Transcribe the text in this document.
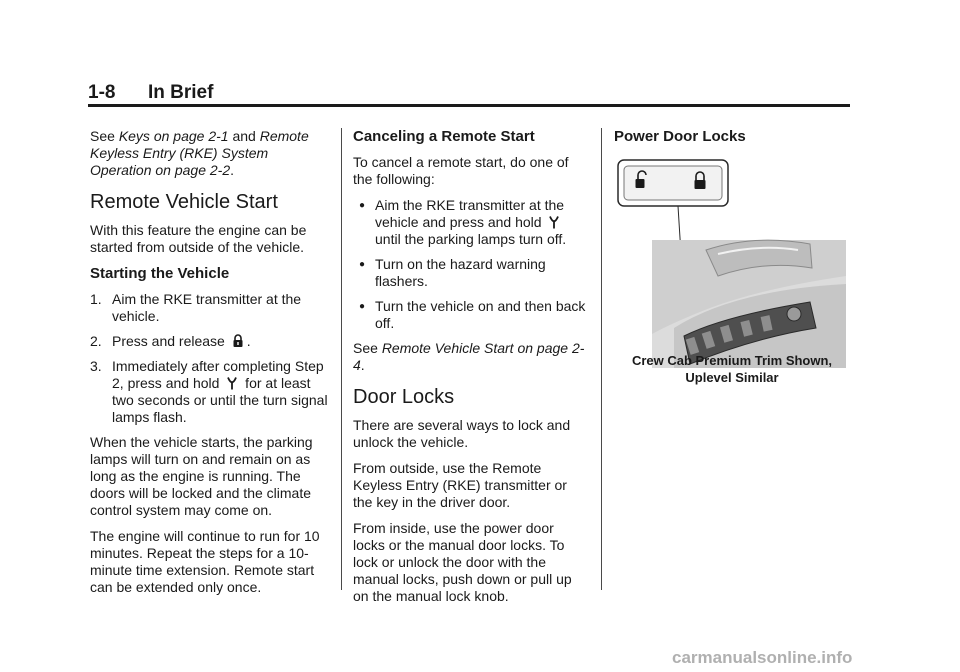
1-8 In Brief

See Keys on page 2-1 and Remote Keyless Entry (RKE) System Operation on page 2-2.

Remote Vehicle Start

With this feature the engine can be started from outside of the vehicle.

Starting the Vehicle
1. Aim the RKE transmitter at the vehicle.
2. Press and release .
3. Immediately after completing Step 2, press and hold  for at least two seconds or until the turn signal lamps flash.

When the vehicle starts, the parking lamps will turn on and remain on as long as the engine is running. The doors will be locked and the climate control system may come on.

The engine will continue to run for 10 minutes. Repeat the steps for a 10-minute time extension. Remote start can be extended only once.

Canceling a Remote Start

To cancel a remote start, do one of the following:

● Aim the RKE transmitter at the vehicle and press and hold  until the parking lamps turn off.
● Turn on the hazard warning flashers.
● Turn the vehicle on and then back off.

See Remote Vehicle Start on page 2-4.

Door Locks

There are several ways to lock and unlock the vehicle.

From outside, use the Remote Keyless Entry (RKE) transmitter or the key in the driver door.

From inside, use the power door locks or the manual door locks. To lock or unlock the door with the manual locks, push down or pull up on the manual lock knob.

Power Door Locks
Crew Cab Premium Trim Shown, Uplevel Similar
carmanualsonline.info
